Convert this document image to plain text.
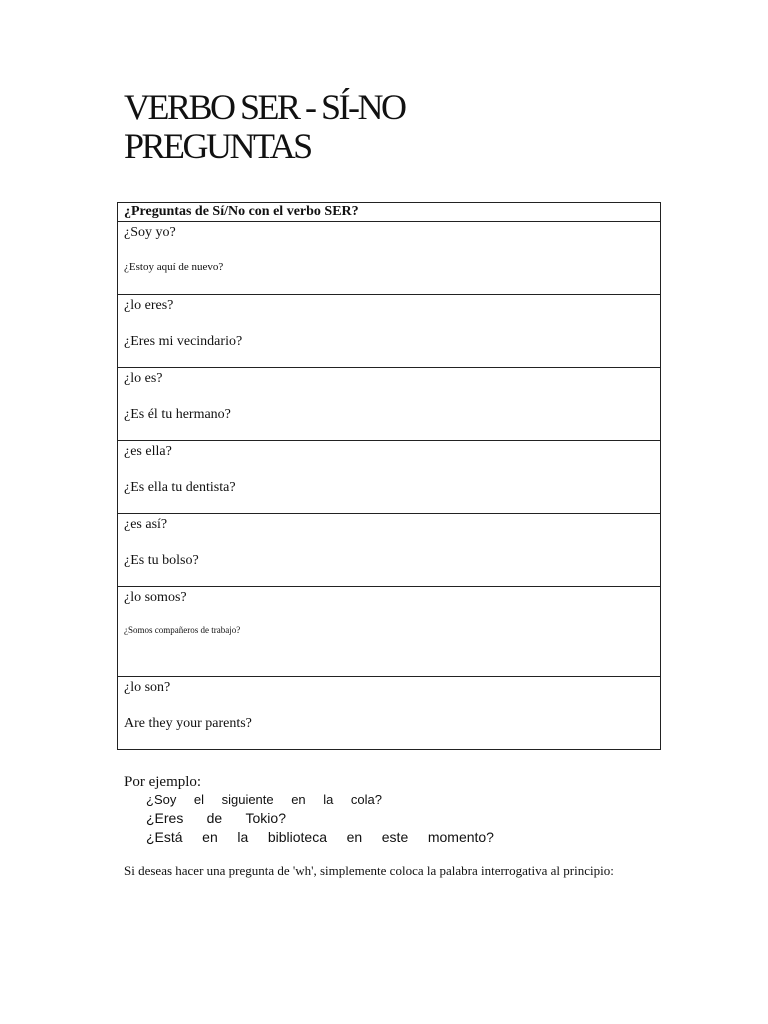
VERBO SER - SÍ-NO
PREGUNTAS
¿Preguntas de Sí/No con el verbo SER?

¿Soy yo?
¿Estoy aquí de nuevo?

¿lo eres?
¿Eres mi vecindario?

¿lo es?
¿Es él tu hermano?

¿es ella?
¿Es ella tu dentista?

¿es así?
¿Es tu bolso?

¿lo somos?
¿Somos compañeros de trabajo?

¿lo son?
Are they your parents?
Por ejemplo:
¿Soy el siguiente en la cola?
¿Eres de Tokio?
¿Está en la biblioteca en este momento?
Si deseas hacer una pregunta de 'wh', simplemente coloca la palabra interrogativa al principio:
